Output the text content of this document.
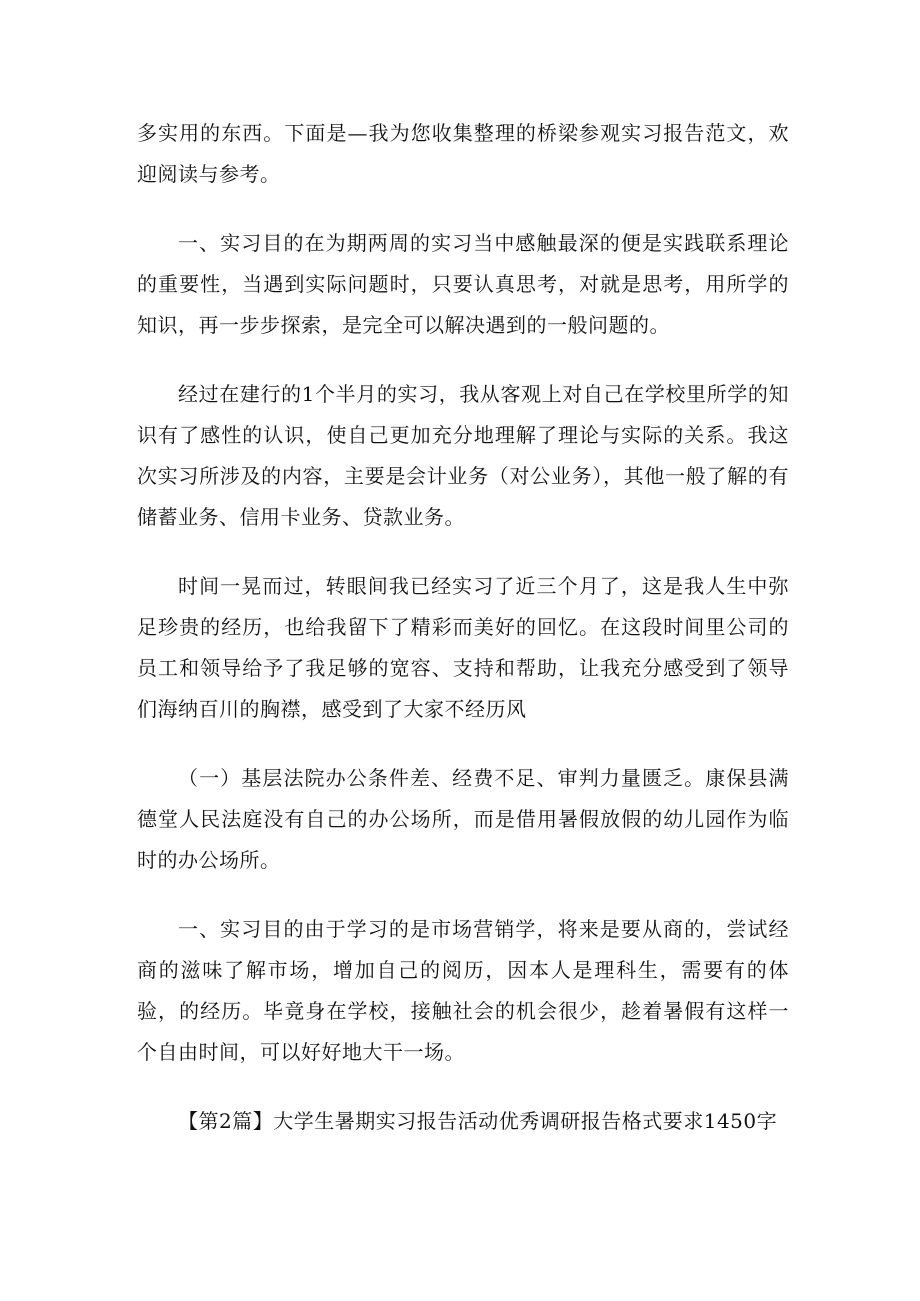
多实用的东西。下面是—我为您收集整理的桥梁参观实习报告范文，欢迎阅读与参考。

一、实习目的在为期两周的实习当中感触最深的便是实践联系理论的重要性，当遇到实际问题时，只要认真思考，对就是思考，用所学的知识，再一步步探索，是完全可以解决遇到的一般问题的。

经过在建行的1个半月的实习，我从客观上对自己在学校里所学的知识有了感性的认识，使自己更加充分地理解了理论与实际的关系。我这次实习所涉及的内容，主要是会计业务（对公业务），其他一般了解的有储蓄业务、信用卡业务、贷款业务。

时间一晃而过，转眼间我已经实习了近三个月了，这是我人生中弥足珍贵的经历，也给我留下了精彩而美好的回忆。在这段时间里公司的员工和领导给予了我足够的宽容、支持和帮助，让我充分感受到了领导们海纳百川的胸襟，感受到了大家不经历风

（一）基层法院办公条件差、经费不足、审判力量匮乏。康保县满德堂人民法庭没有自己的办公场所，而是借用暑假放假的幼儿园作为临时的办公场所。

一、实习目的由于学习的是市场营销学，将来是要从商的，尝试经商的滋味了解市场，增加自己的阅历，因本人是理科生，需要有的体验，的经历。毕竟身在学校，接触社会的机会很少，趁着暑假有这样一个自由时间，可以好好地大干一场。

【第2篇】大学生暑期实习报告活动优秀调研报告格式要求1450字
